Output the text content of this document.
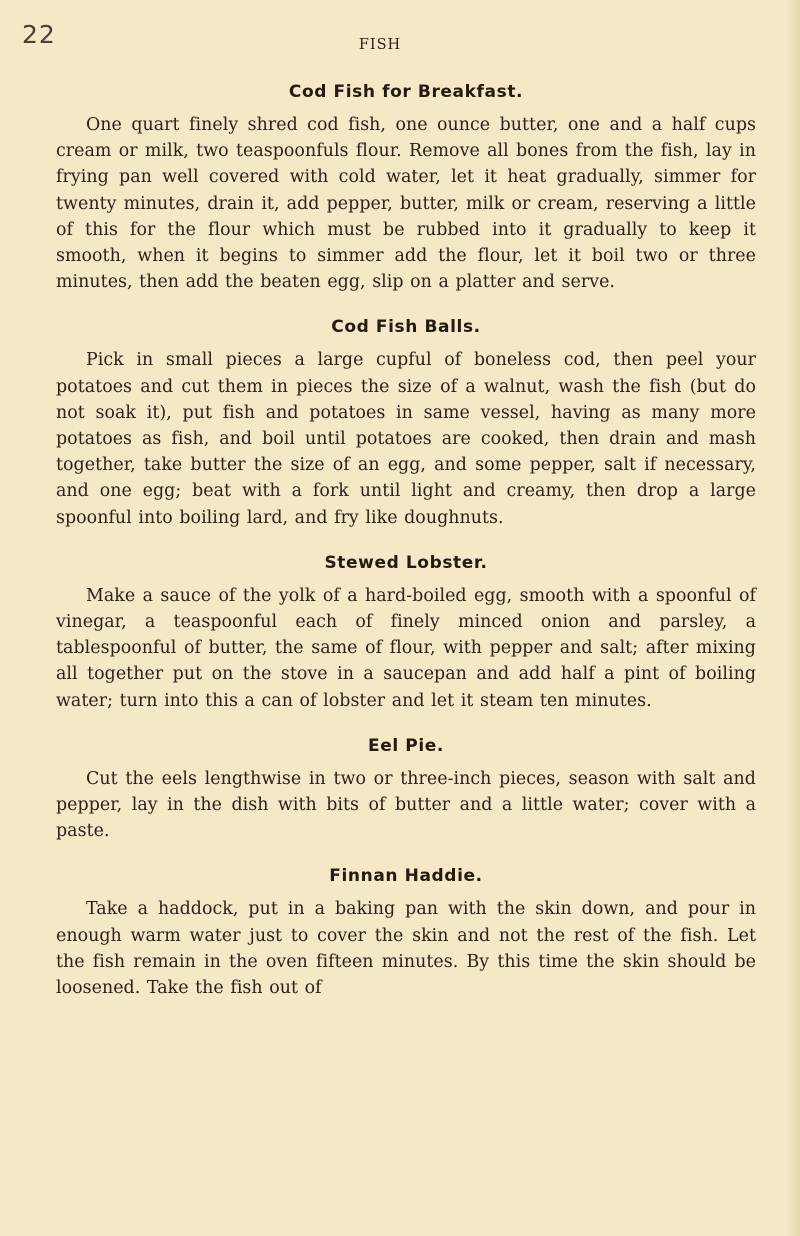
22	FISH
Cod Fish for Breakfast.

One quart finely shred cod fish, one ounce butter, one and a half cups cream or milk, two teaspoonfuls flour. Remove all bones from the fish, lay in frying pan well covered with cold water, let it heat gradually, simmer for twenty minutes, drain it, add pepper, butter, milk or cream, reserving a little of this for the flour which must be rubbed into it gradually to keep it smooth, when it begins to simmer add the flour, let it boil two or three minutes, then add the beaten egg, slip on a platter and serve.

Cod Fish Balls.

Pick in small pieces a large cupful of boneless cod, then peel your potatoes and cut them in pieces the size of a walnut, wash the fish (but do not soak it), put fish and potatoes in same vessel, having as many more potatoes as fish, and boil until potatoes are cooked, then drain and mash together, take butter the size of an egg, and some pepper, salt if necessary, and one egg; beat with a fork until light and creamy, then drop a large spoonful into boiling lard, and fry like doughnuts.

Stewed Lobster.

Make a sauce of the yolk of a hard-boiled egg, smooth with a spoonful of vinegar, a teaspoonful each of finely minced onion and parsley, a tablespoonful of butter, the same of flour, with pepper and salt; after mixing all together put on the stove in a saucepan and add half a pint of boiling water; turn into this a can of lobster and let it steam ten minutes.

Eel Pie.

Cut the eels lengthwise in two or three-inch pieces, season with salt and pepper, lay in the dish with bits of butter and a little water; cover with a paste.

Finnan Haddie.

Take a haddock, put in a baking pan with the skin down, and pour in enough warm water just to cover the skin and not the rest of the fish. Let the fish remain in the oven fifteen minutes. By this time the skin should be loosened. Take the fish out of
